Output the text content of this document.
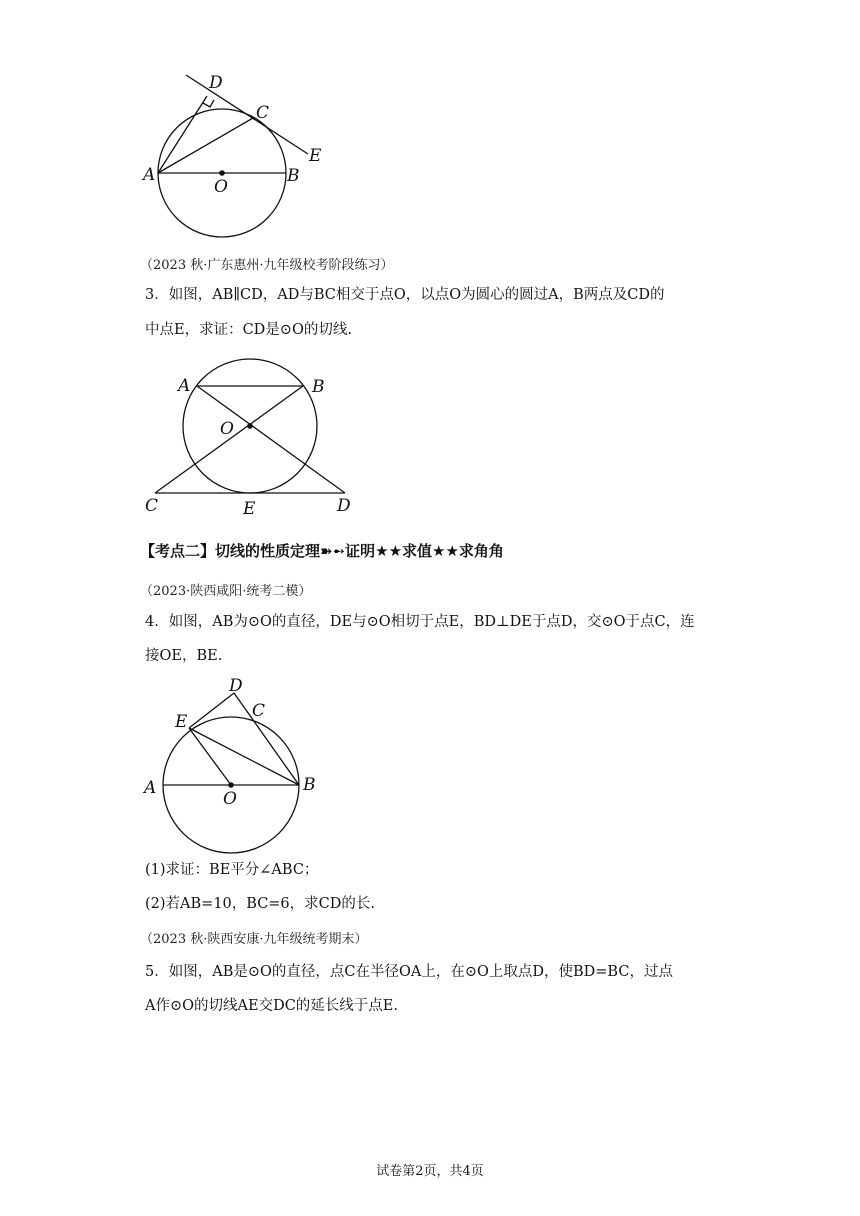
D
C
E
A
O
B
（2023 秋·广东惠州·九年级校考阶段练习）
3．如图，AB∥CD，AD与BC相交于点O，以点O为圆心的圆过A，B两点及CD的
中点E，求证：CD是⊙O的切线.
A	B
O
C	E	D
【考点二】切线的性质定理➽➻证明★★求值★★求角角
（2023·陕西咸阳·统考二模）
4．如图，AB为⊙O的直径，DE与⊙O相切于点E，BD⊥DE于点D，交⊙O于点C，连
接OE，BE.
D
C
E
A
O
B
(1)求证：BE平分∠ABC；
(2)若AB=10，BC=6，求CD的长.
（2023 秋·陕西安康·九年级统考期末）
5．如图，AB是⊙O的直径，点C在半径OA上，在⊙O上取点D，使BD=BC，过点
A作⊙O的切线AE交DC的延长线于点E.
试卷第2页，共4页
